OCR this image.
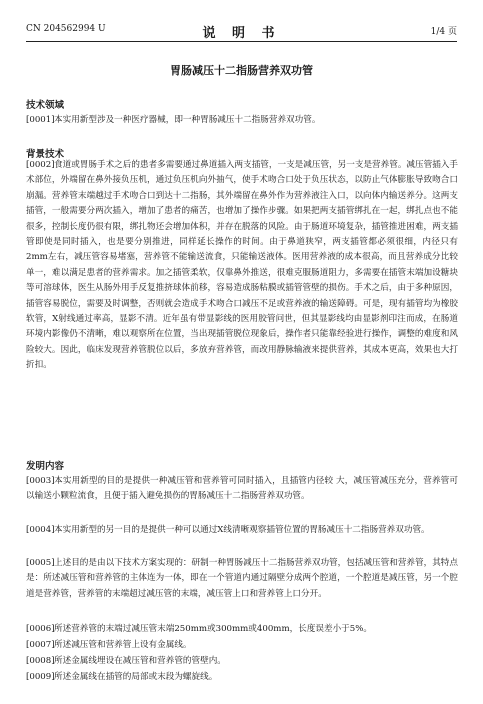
CN 204562994 U	说 明 书	1/4 页
胃肠减压十二指肠营养双功管
技术领域
[0001]本实用新型涉及一种医疗器械，即一种胃肠减压十二指肠营养双功管。
背景技术
[0002]食道或胃肠手术之后的患者多需要通过鼻道插入两支插管，一支是减压管，另一支是营养管。减压管插入手术部位，外端留在鼻外接负压机，通过负压机向外抽气，使手术吻合口处于负压状态，以防止气体膨胀导致吻合口崩漏。营养管末端越过手术吻合口到达十二指肠，其外端留在鼻外作为营养液注入口，以向体内输送养分。这两支插管，一般需要分两次插入，增加了患者的痛苦，也增加了操作步骤。如果把两支插管绑扎在一起，绑扎点也不能很多，控制长度仍很有限，绑扎物还会增加体积，并存在脱落的风险。由于肠道环境复杂，插管推进困难，两支插管即使是同时插入，也是要分别推进，同样延长操作的时间。由于鼻道狭窄，两支插管都必须很细，内径只有2mm左右，减压管容易堵塞，营养管不能输送流食，只能输送液体。医用营养液的成本很高，而且营养成分比较单一，难以满足患者的营养需求。加之插管柔软，仅靠鼻外推送，很难克服肠道阻力，多需要在插管末端加设糖块等可溶球体，医生从肠外用手反复推挤球体前移，容易造成肠粘膜或插管管壁的损伤。手术之后，由于多种原因，插管容易脱位，需要及时调整，否则就会造成手术吻合口减压不足或营养液的输送障碍。可是，现有插管均为橡胶软管，X射线通过率高，显影不清。近年虽有带显影线的医用胶管问世，但其显影线均由显影剂印注而成，在肠道环境内影像仍不清晰，难以观察所在位置，当出现插管脱位现象后，操作者只能靠经验进行操作，调整的难度和风险较大。因此，临床发现营养管脱位以后，多放弃营养管，而改用静脉输液来提供营养，其成本更高，效果也大打折扣。
发明内容
[0003]本实用新型的目的是提供一种减压管和营养管可同时插入，且插管内径较 大，减压管减压充分，营养管可以输送小颗粒流食，且便于插入避免损伤的胃肠减压十二指肠营养双功管。
[0004]本实用新型的另一目的是提供一种可以通过X线清晰观察插管位置的胃肠减压十二指肠营养双功管。
[0005]上述目的是由以下技术方案实现的：研制一种胃肠减压十二指肠营养双功管，包括减压管和营养管，其特点是：所述减压管和营养管的主体连为一体，即在一个管道内通过隔壁分成两个腔道，一个腔道是减压管，另一个腔道是营养管，营养管的末端超过减压管的末端，减压管上口和营养管上口分开。
[0006]所述营养管的末端过减压管末端250mm或300mm或400mm，长度误差小于5%。
[0007]所述减压管和营养管上设有金属线。
[0008]所述金属线埋设在减压管和营养管的管壁内。
[0009]所述金属线在插管的局部或末段为螺旋线。
